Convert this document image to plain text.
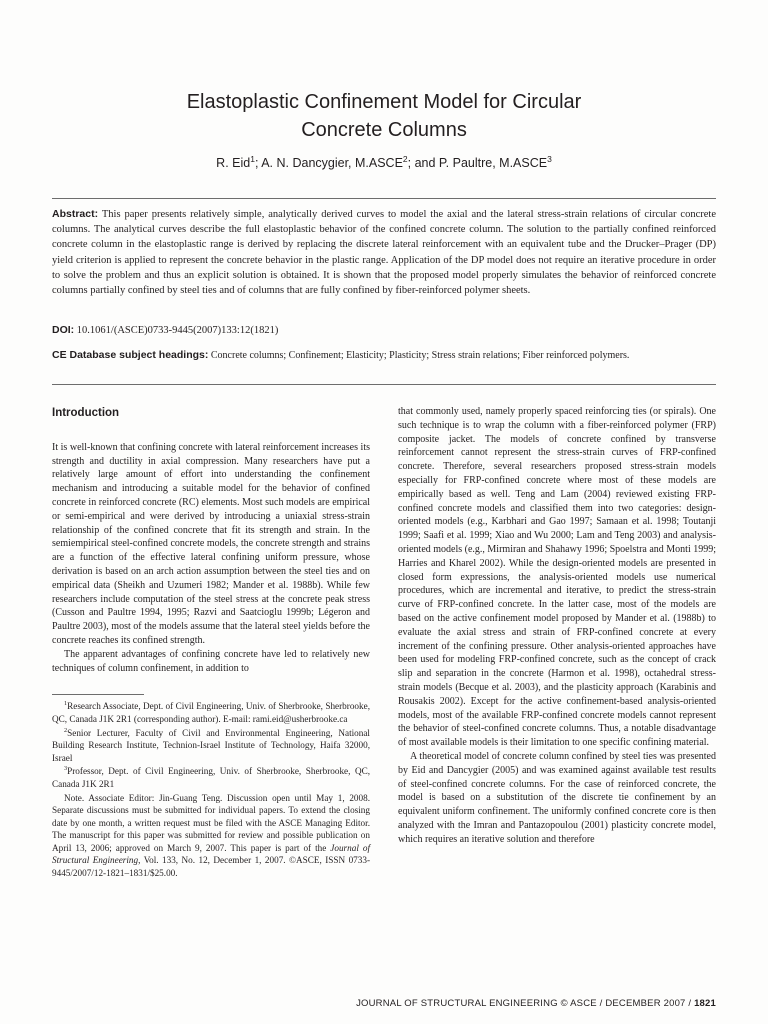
Elastoplastic Confinement Model for Circular
Concrete Columns
R. Eid$^1$; A. N. Dancygier, M.ASCE$^2$; and P. Paultre, M.ASCE$^3$
Abstract: This paper presents relatively simple, analytically derived curves to model the axial and the lateral stress-strain relations of circular concrete columns. The analytical curves describe the full elastoplastic behavior of the confined concrete column. The solution to the partially confined reinforced concrete column in the elastoplastic range is derived by replacing the discrete lateral reinforcement with an equivalent tube and the Drucker–Prager (DP) yield criterion is applied to represent the concrete behavior in the plastic range. Application of the DP model does not require an iterative procedure in order to solve the problem and thus an explicit solution is obtained. It is shown that the proposed model properly simulates the behavior of reinforced concrete columns partially confined by steel ties and of columns that are fully confined by fiber-reinforced polymer sheets.
DOI: 10.1061/(ASCE)0733-9445(2007)133:12(1821)
CE Database subject headings: Concrete columns; Confinement; Elasticity; Plasticity; Stress strain relations; Fiber reinforced polymers.
Introduction

It is well-known that confining concrete with lateral reinforcement increases its strength and ductility in axial compression. Many researchers have put a relatively large amount of effort into understanding the confinement mechanism and introducing a suitable model for the behavior of confined concrete in reinforced concrete (RC) elements. Most such models are empirical or semi-empirical and were derived by introducing a uniaxial stress-strain relationship of the confined concrete that fit its strength and strain. In the semiempirical steel-confined concrete models, the concrete strength and strains are a function of the effective lateral confining uniform pressure, whose derivation is based on an arch action assumption between the steel ties and on empirical data (Sheikh and Uzumeri 1982; Mander et al. 1988b). While few researchers include computation of the steel stress at the concrete peak stress (Cusson and Paultre 1994, 1995; Razvi and Saatcioglu 1999b; Légeron and Paultre 2003), most of the models assume that the lateral steel yields before the concrete reaches its confined strength.

The apparent advantages of confining concrete have led to relatively new techniques of column confinement, in addition to

$^1$Research Associate, Dept. of Civil Engineering, Univ. of Sherbrooke, Sherbrooke, QC, Canada J1K 2R1 (corresponding author). E-mail: rami.eid@usherbrooke.ca

$^2$Senior Lecturer, Faculty of Civil and Environmental Engineering, National Building Research Institute, Technion-Israel Institute of Technology, Haifa 32000, Israel

$^3$Professor, Dept. of Civil Engineering, Univ. of Sherbrooke, Sherbrooke, QC, Canada J1K 2R1

Note. Associate Editor: Jin-Guang Teng. Discussion open until May 1, 2008. Separate discussions must be submitted for individual papers. To extend the closing date by one month, a written request must be filed with the ASCE Managing Editor. The manuscript for this paper was submitted for review and possible publication on April 13, 2006; approved on March 9, 2007. This paper is part of the Journal of Structural Engineering, Vol. 133, No. 12, December 1, 2007. ©ASCE, ISSN 0733-9445/2007/12-1821–1831/$25.00.

that commonly used, namely properly spaced reinforcing ties (or spirals). One such technique is to wrap the column with a fiber-reinforced polymer (FRP) composite jacket. The models of concrete confined by transverse reinforcement cannot represent the stress-strain curves of FRP-confined concrete. Therefore, several researchers proposed stress-strain models especially for FRP-confined concrete where most of these models are empirically based as well. Teng and Lam (2004) reviewed existing FRP-confined concrete models and classified them into two categories: design-oriented models (e.g., Karbhari and Gao 1997; Samaan et al. 1998; Toutanji 1999; Saafi et al. 1999; Xiao and Wu 2000; Lam and Teng 2003) and analysis-oriented models (e.g., Mirmiran and Shahawy 1996; Spoelstra and Monti 1999; Harries and Kharel 2002). While the design-oriented models are presented in closed form expressions, the analysis-oriented models use numerical procedures, which are incremental and iterative, to predict the stress-strain curve of FRP-confined concrete. In the latter case, most of the models are based on the active confinement model proposed by Mander et al. (1988b) to evaluate the axial stress and strain of FRP-confined concrete at every increment of the confining pressure. Other analysis-oriented approaches have been used for modeling FRP-confined concrete, such as the concept of crack slip and separation in the concrete (Harmon et al. 1998), octahedral stress-strain models (Becque et al. 2003), and the plasticity approach (Karabinis and Rousakis 2002). Except for the active confinement-based analysis-oriented models, most of the available FRP-confined concrete models cannot represent the behavior of steel-confined concrete columns. Thus, a notable disadvantage of most available models is their limitation to one specific confining material.

A theoretical model of concrete column confined by steel ties was presented by Eid and Dancygier (2005) and was examined against available test results of steel-confined concrete columns. For the case of reinforced concrete, the model is based on a substitution of the discrete tie confinement by an equivalent uniform confinement. The uniformly confined concrete core is then analyzed with the Imran and Pantazopoulou (2001) plasticity concrete model, which requires an iterative solution and therefore

JOURNAL OF STRUCTURAL ENGINEERING © ASCE / DECEMBER 2007 / 1821
